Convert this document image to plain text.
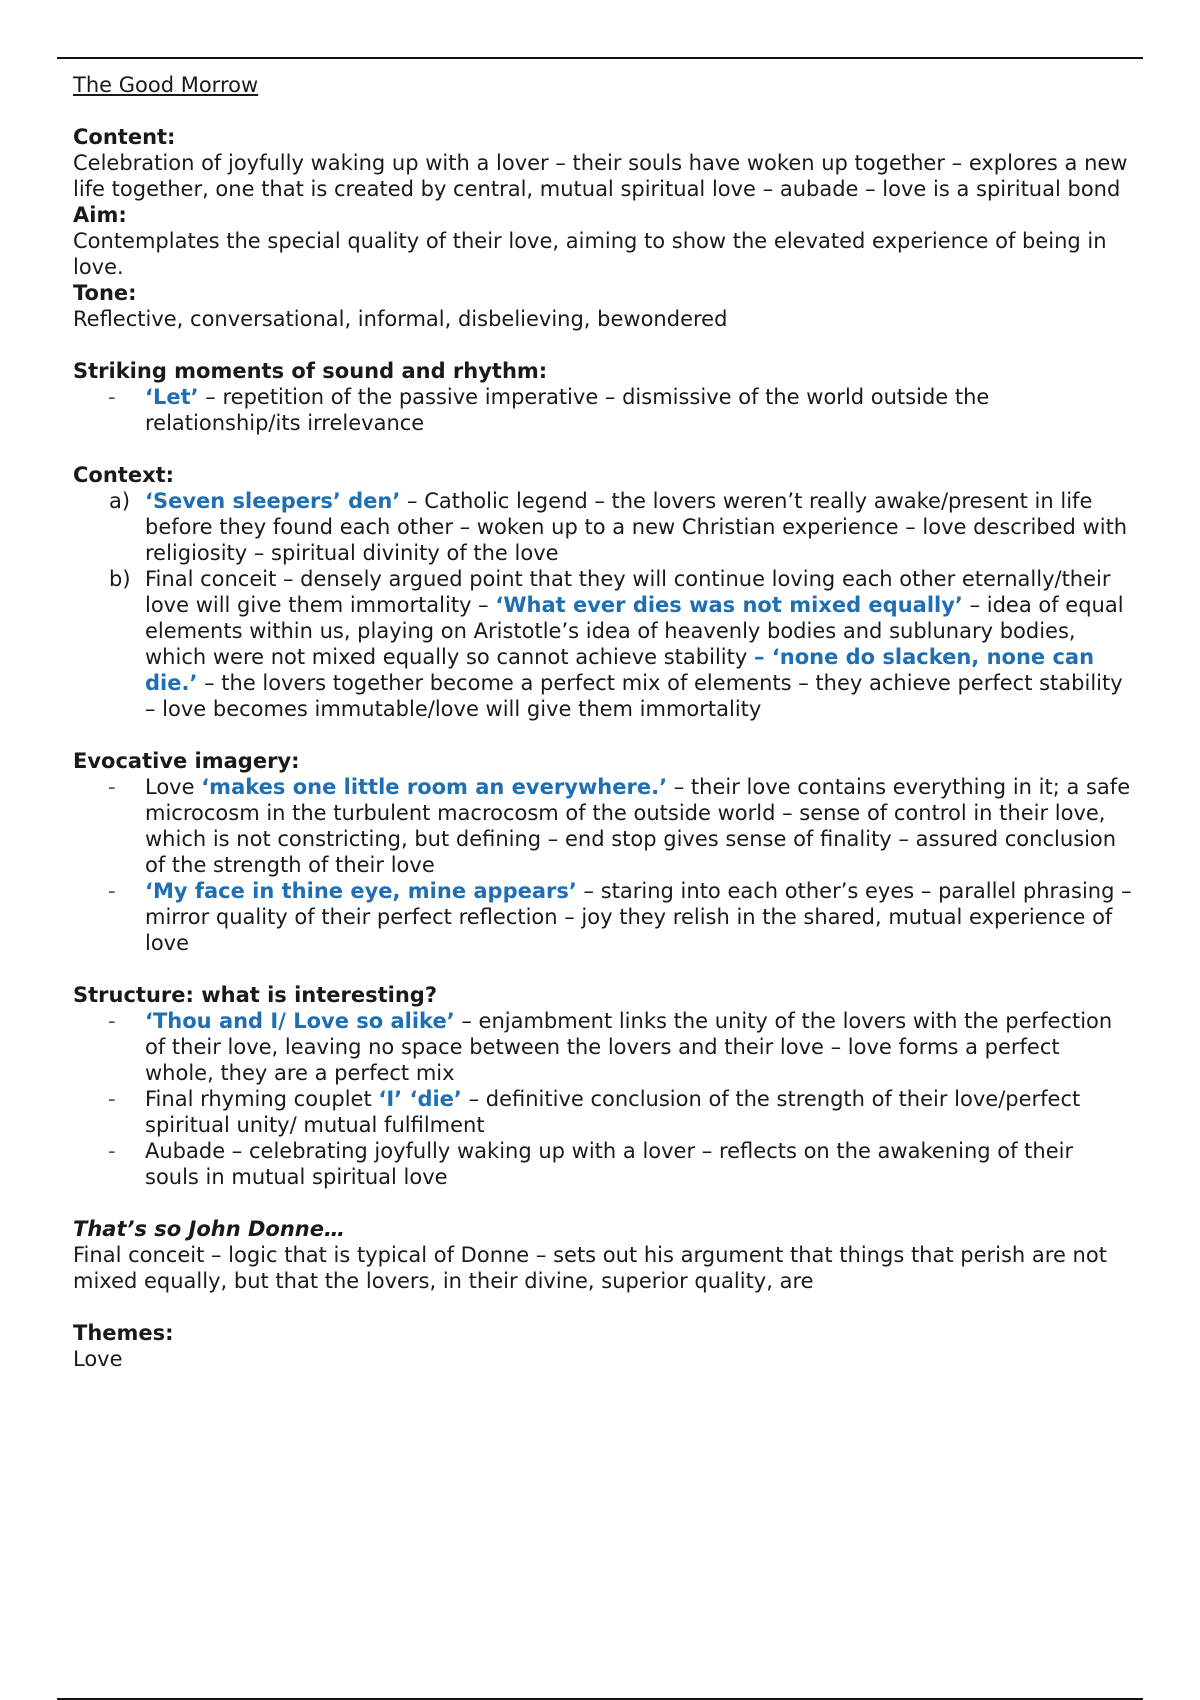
The Good Morrow

Content:

Celebration of joyfully waking up with a lover – their souls have woken up together – explores a new life together, one that is created by central, mutual spiritual love – aubade – love is a spiritual bond

Aim:

Contemplates the special quality of their love, aiming to show the elevated experience of being in love.

Tone:

Reflective, conversational, informal, disbelieving, bewondered

Striking moments of sound and rhythm:

- ‘Let’ – repetition of the passive imperative – dismissive of the world outside the relationship/its irrelevance

Context:

a) ‘Seven sleepers’ den’ – Catholic legend – the lovers weren’t really awake/present in life before they found each other – woken up to a new Christian experience – love described with religiosity – spiritual divinity of the love
b) Final conceit – densely argued point that they will continue loving each other eternally/their love will give them immortality – ‘What ever dies was not mixed equally’ – idea of equal elements within us, playing on Aristotle’s idea of heavenly bodies and sublunary bodies, which were not mixed equally so cannot achieve stability – ‘none do slacken, none can die.’ – the lovers together become a perfect mix of elements – they achieve perfect stability – love becomes immutable/love will give them immortality

Evocative imagery:

- Love ‘makes one little room an everywhere.’ – their love contains everything in it; a safe microcosm in the turbulent macrocosm of the outside world – sense of control in their love, which is not constricting, but defining – end stop gives sense of finality – assured conclusion of the strength of their love
- ‘My face in thine eye, mine appears’ – staring into each other’s eyes – parallel phrasing – mirror quality of their perfect reflection – joy they relish in the shared, mutual experience of love

Structure: what is interesting?

- ‘Thou and I/ Love so alike’ – enjambment links the unity of the lovers with the perfection of their love, leaving no space between the lovers and their love – love forms a perfect whole, they are a perfect mix
- Final rhyming couplet ‘I’ ‘die’ – definitive conclusion of the strength of their love/perfect spiritual unity/ mutual fulfilment
- Aubade – celebrating joyfully waking up with a lover – reflects on the awakening of their souls in mutual spiritual love

That’s so John Donne…

Final conceit – logic that is typical of Donne – sets out his argument that things that perish are not mixed equally, but that the lovers, in their divine, superior quality, are

Themes:

Love
